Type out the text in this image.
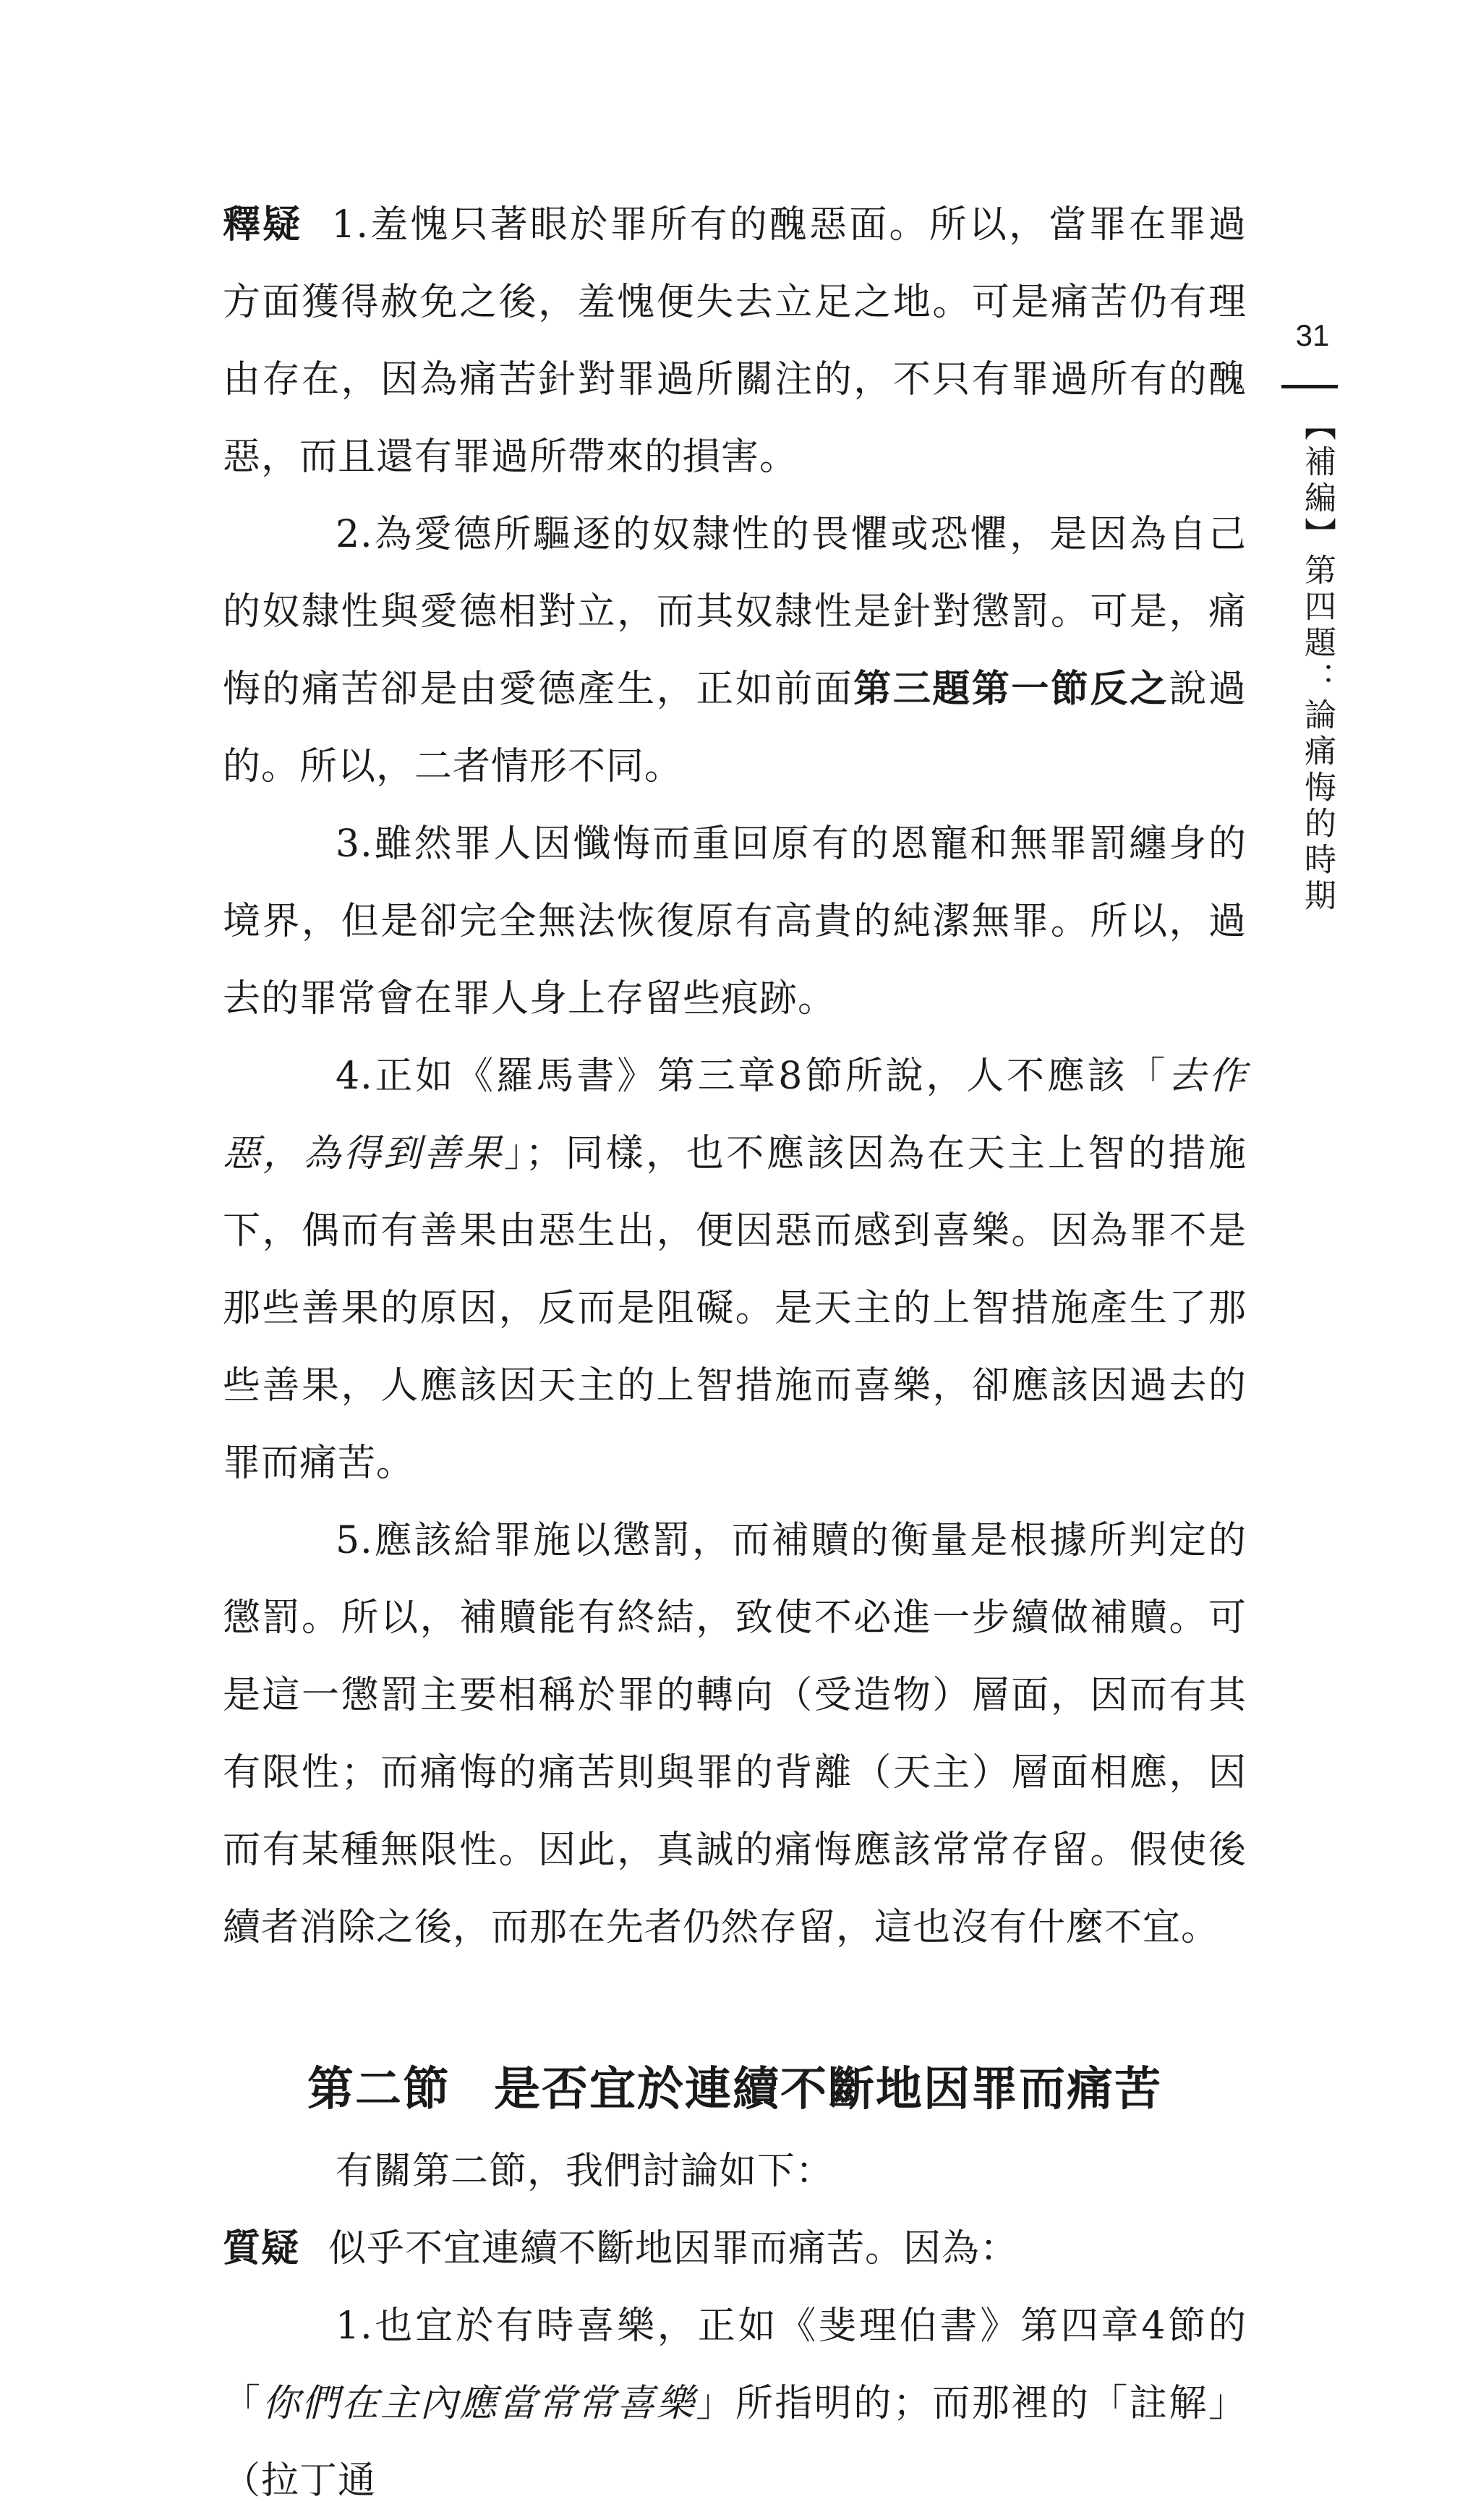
31
【補編】第四題：論痛悔的時期

釋疑 1.羞愧只著眼於罪所有的醜惡面。所以，當罪在罪過方面獲得赦免之後，羞愧便失去立足之地。可是痛苦仍有理由存在，因為痛苦針對罪過所關注的，不只有罪過所有的醜惡，而且還有罪過所帶來的損害。

2.為愛德所驅逐的奴隸性的畏懼或恐懼，是因為自己的奴隸性與愛德相對立，而其奴隸性是針對懲罰。可是，痛悔的痛苦卻是由愛德產生，正如前面第三題第一節反之說過的。所以，二者情形不同。

3.雖然罪人因懺悔而重回原有的恩寵和無罪罰纏身的境界，但是卻完全無法恢復原有高貴的純潔無罪。所以，過去的罪常會在罪人身上存留些痕跡。

4.正如《羅馬書》第三章8節所說，人不應該「去作惡，為得到善果」；同樣，也不應該因為在天主上智的措施下，偶而有善果由惡生出，便因惡而感到喜樂。因為罪不是那些善果的原因，反而是阻礙。是天主的上智措施產生了那些善果，人應該因天主的上智措施而喜樂，卻應該因過去的罪而痛苦。

5.應該給罪施以懲罰，而補贖的衡量是根據所判定的懲罰。所以，補贖能有終結，致使不必進一步續做補贖。可是這一懲罰主要相稱於罪的轉向（受造物）層面，因而有其有限性；而痛悔的痛苦則與罪的背離（天主）層面相應，因而有某種無限性。因此，真誠的痛悔應該常常存留。假使後續者消除之後，而那在先者仍然存留，這也沒有什麼不宜。

第二節 是否宜於連續不斷地因罪而痛苦

有關第二節，我們討論如下：

質疑 似乎不宜連續不斷地因罪而痛苦。因為：

1.也宜於有時喜樂，正如《斐理伯書》第四章4節的「你們在主內應當常常喜樂」所指明的；而那裡的「註解」（拉丁通
